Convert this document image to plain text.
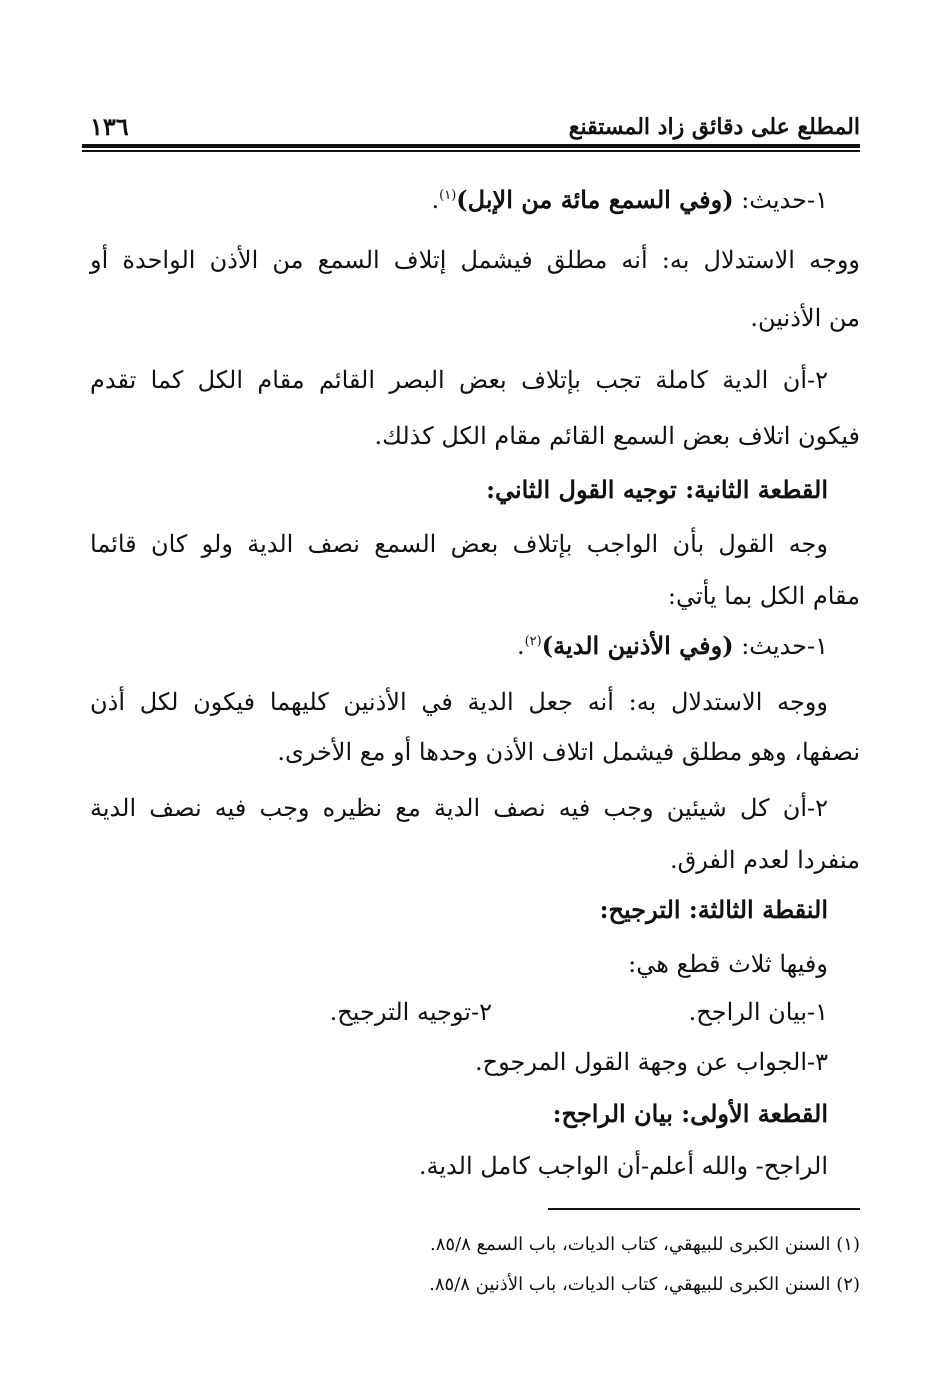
المطلع على دقائق زاد المستقنع
١٣٦
١-حديث: (وفي السمع مائة من الإبل)$^{(١)}$.
ووجه الاستدلال به: أنه مطلق فيشمل إتلاف السمع من الأذن الواحدة أو
من الأذنين.
٢-أن الدية كاملة تجب بإتلاف بعض البصر القائم مقام الكل كما تقدم
فيكون اتلاف بعض السمع القائم مقام الكل كذلك.
القطعة الثانية: توجيه القول الثاني:
وجه القول بأن الواجب بإتلاف بعض السمع نصف الدية ولو كان قائما
مقام الكل بما يأتي:
١-حديث: (وفي الأذنين الدية)$^{(٢)}$.
ووجه الاستدلال به: أنه جعل الدية في الأذنين كليهما فيكون لكل أذن
نصفها، وهو مطلق فيشمل اتلاف الأذن وحدها أو مع الأخرى.
٢-أن كل شيئين وجب فيه نصف الدية مع نظيره وجب فيه نصف الدية
منفردا لعدم الفرق.
النقطة الثالثة: الترجيح:
وفيها ثلاث قطع هي:
١-بيان الراجح.
٢-توجيه الترجيح.
٣-الجواب عن وجهة القول المرجوح.
القطعة الأولى: بيان الراجح:
الراجح- والله أعلم-أن الواجب كامل الدية.
(١) السنن الكبرى للبيهقي، كتاب الديات، باب السمع ٨٥/٨.
(٢) السنن الكبرى للبيهقي، كتاب الديات، باب الأذنين ٨٥/٨.
